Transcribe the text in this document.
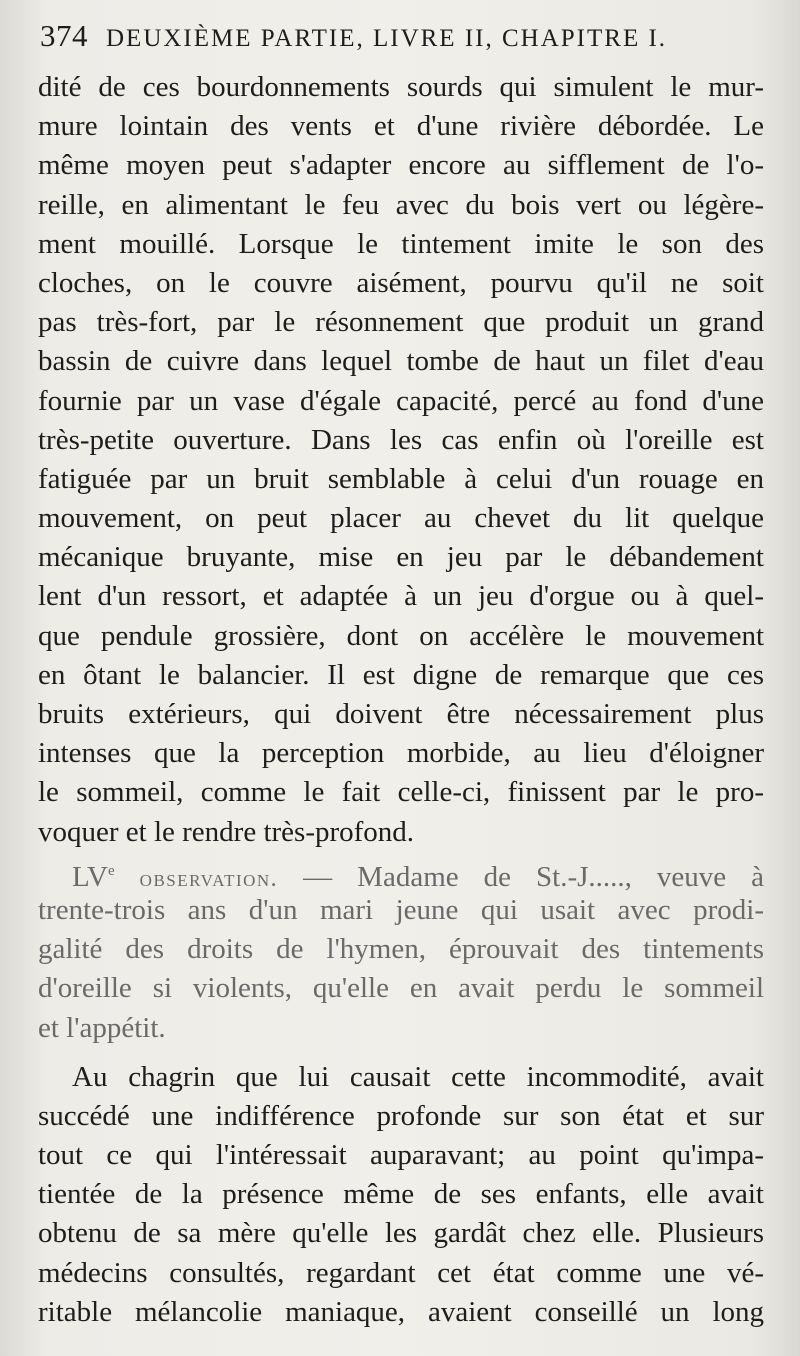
374 DEUXIÈME PARTIE, LIVRE II, CHAPITRE I.
dité de ces bourdonnements sourds qui simulent le mur-
mure lointain des vents et d'une rivière débordée. Le
même moyen peut s'adapter encore au sifflement de l'o-
reille, en alimentant le feu avec du bois vert ou légère-
ment mouillé. Lorsque le tintement imite le son des
cloches, on le couvre aisément, pourvu qu'il ne soit
pas très-fort, par le résonnement que produit un grand
bassin de cuivre dans lequel tombe de haut un filet d'eau
fournie par un vase d'égale capacité, percé au fond d'une
très-petite ouverture. Dans les cas enfin où l'oreille est
fatiguée par un bruit semblable à celui d'un rouage en
mouvement, on peut placer au chevet du lit quelque
mécanique bruyante, mise en jeu par le débandement
lent d'un ressort, et adaptée à un jeu d'orgue ou à quel-
que pendule grossière, dont on accélère le mouvement
en ôtant le balancier. Il est digne de remarque que ces
bruits extérieurs, qui doivent être nécessairement plus
intenses que la perception morbide, au lieu d'éloigner
le sommeil, comme le fait celle-ci, finissent par le pro-
voquer et le rendre très-profond.
LVe observation. — Madame de St.-J....., veuve à
trente-trois ans d'un mari jeune qui usait avec prodi-
galité des droits de l'hymen, éprouvait des tintements
d'oreille si violents, qu'elle en avait perdu le sommeil
et l'appétit.
Au chagrin que lui causait cette incommodité, avait
succédé une indifférence profonde sur son état et sur
tout ce qui l'intéressait auparavant; au point qu'impa-
tientée de la présence même de ses enfants, elle avait
obtenu de sa mère qu'elle les gardât chez elle. Plusieurs
médecins consultés, regardant cet état comme une vé-
ritable mélancolie maniaque, avaient conseillé un long
